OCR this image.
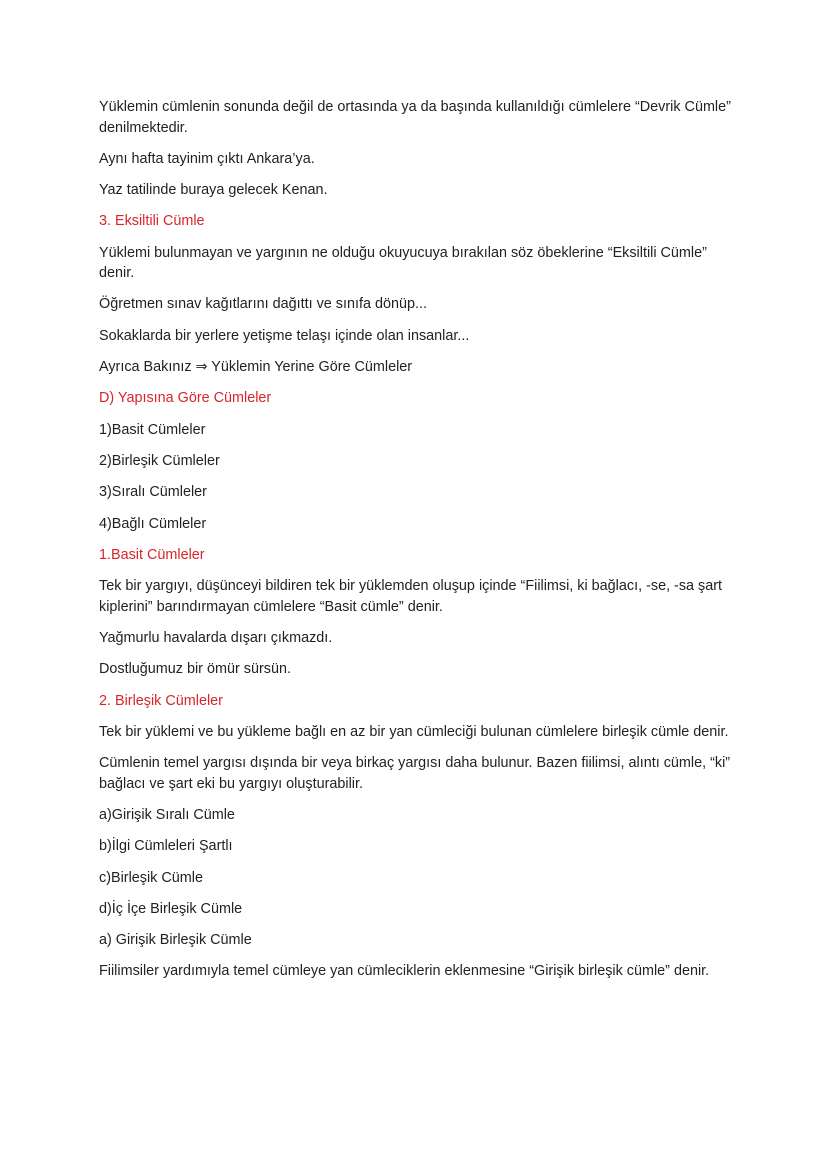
Yüklemin cümlenin sonunda değil de ortasında ya da başında kullanıldığı cümlelere “Devrik Cümle” denilmektedir.

Aynı hafta tayinim çıktı Ankara’ya.

Yaz tatilinde buraya gelecek Kenan.

3. Eksiltili Cümle

Yüklemi bulunmayan ve yargının ne olduğu okuyucuya bırakılan söz öbeklerine “Eksiltili Cümle” denir.

Öğretmen sınav kağıtlarını dağıttı ve sınıfa dönüp...

Sokaklarda bir yerlere yetişme telaşı içinde olan insanlar...

Ayrıca Bakınız ⇒ Yüklemin Yerine Göre Cümleler

D) Yapısına Göre Cümleler

1)Basit Cümleler

2)Birleşik Cümleler

3)Sıralı Cümleler

4)Bağlı Cümleler

1.Basit Cümleler

Tek bir yargıyı, düşünceyi bildiren tek bir yüklemden oluşup içinde “Fiilimsi, ki bağlacı, -se, -sa şart kiplerini” barındırmayan cümlelere “Basit cümle” denir.

Yağmurlu havalarda dışarı çıkmazdı.

Dostluğumuz bir ömür sürsün.

2. Birleşik Cümleler

Tek bir yüklemi ve bu yükleme bağlı en az bir yan cümleciği bulunan cümlelere birleşik cümle denir.

Cümlenin temel yargısı dışında bir veya birkaç yargısı daha bulunur. Bazen fiilimsi, alıntı cümle, “ki” bağlacı ve şart eki bu yargıyı oluşturabilir.

a)Girişik Sıralı Cümle

b)İlgi Cümleleri Şartlı

c)Birleşik Cümle

d)İç İçe Birleşik Cümle

a) Girişik Birleşik Cümle

Fiilimsiler yardımıyla temel cümleye yan cümleciklerin eklenmesine “Girişik birleşik cümle” denir.
